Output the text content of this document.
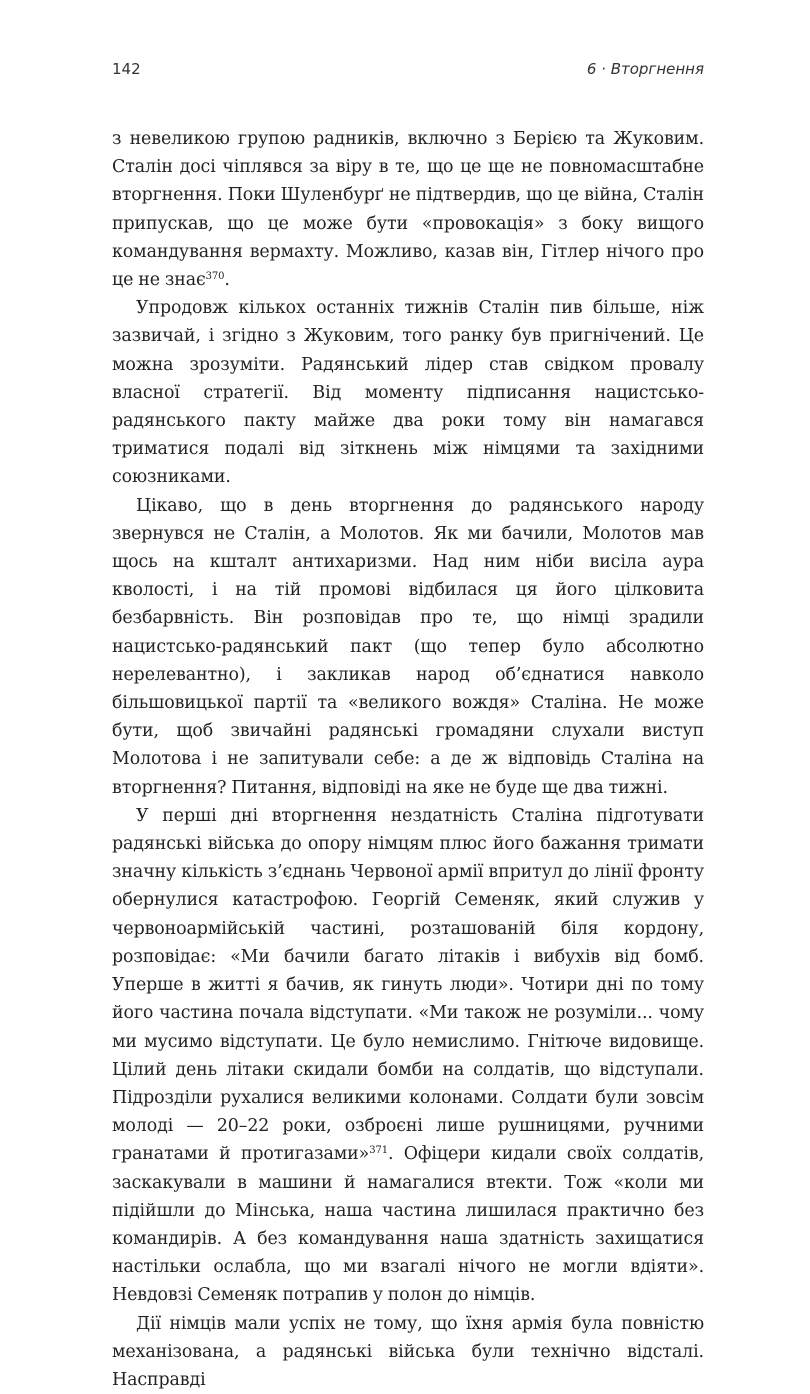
142	6 · Вторгнення

з невеликою групою радників, включно з Берією та Жуковим. Сталін досі чіплявся за віру в те, що це ще не повномасштабне вторгнення. Поки Шуленбурґ не підтвердив, що це війна, Сталін припускав, що це може бути «провокація» з боку вищого командування вермахту. Можливо, казав він, Гітлер нічого про це не знає$^{370}$.

Упродовж кількох останніх тижнів Сталін пив більше, ніж зазвичай, і згідно з Жуковим, того ранку був пригнічений. Це можна зрозуміти. Радянський лідер став свідком провалу власної стратегії. Від моменту підписання нацистсько-радянського пакту майже два роки тому він намагався триматися подалі від зіткнень між німцями та західними союзниками.

Цікаво, що в день вторгнення до радянського народу звернувся не Сталін, а Молотов. Як ми бачили, Молотов мав щось на кшталт антихаризми. Над ним ніби висіла аура кволості, і на тій промові відбилася ця його цілковита безбарвність. Він розповідав про те, що німці зрадили нацистсько-радянський пакт (що тепер було абсолютно нерелевантно), і закликав народ об’єднатися навколо більшовицької партії та «великого вождя» Сталіна. Не може бути, щоб звичайні радянські громадяни слухали виступ Молотова і не запитували себе: а де ж відповідь Сталіна на вторгнення? Питання, відповіді на яке не буде ще два тижні.

У перші дні вторгнення нездатність Сталіна підготувати радянські війська до опору німцям плюс його бажання тримати значну кількість з’єднань Червоної армії впритул до лінії фронту обернулися катастрофою. Георгій Семеняк, який служив у червоноармійській частині, розташованій біля кордону, розповідає: «Ми бачили багато літаків і вибухів від бомб. Уперше в житті я бачив, як гинуть люди». Чотири дні по тому його частина почала відступати. «Ми також не розуміли... чому ми мусимо відступати. Це було немислимо. Гнітюче видовище. Цілий день літаки скидали бомби на солдатів, що відступали. Підрозділи рухалися великими колонами. Солдати були зовсім молоді — 20–22 роки, озброєні лише рушницями, ручними гранатами й протигазами»$^{371}$. Офіцери кидали своїх солдатів, заскакували в машини й намагалися втекти. Тож «коли ми підійшли до Мінська, наша частина лишилася практично без командирів. А без командування наша здатність захищатися настільки ослабла, що ми взагалі нічого не могли вдіяти». Невдовзі Семеняк потрапив у полон до німців.

Дії німців мали успіх не тому, що їхня армія була повністю механізована, а радянські війська були технічно відсталі. Насправді
